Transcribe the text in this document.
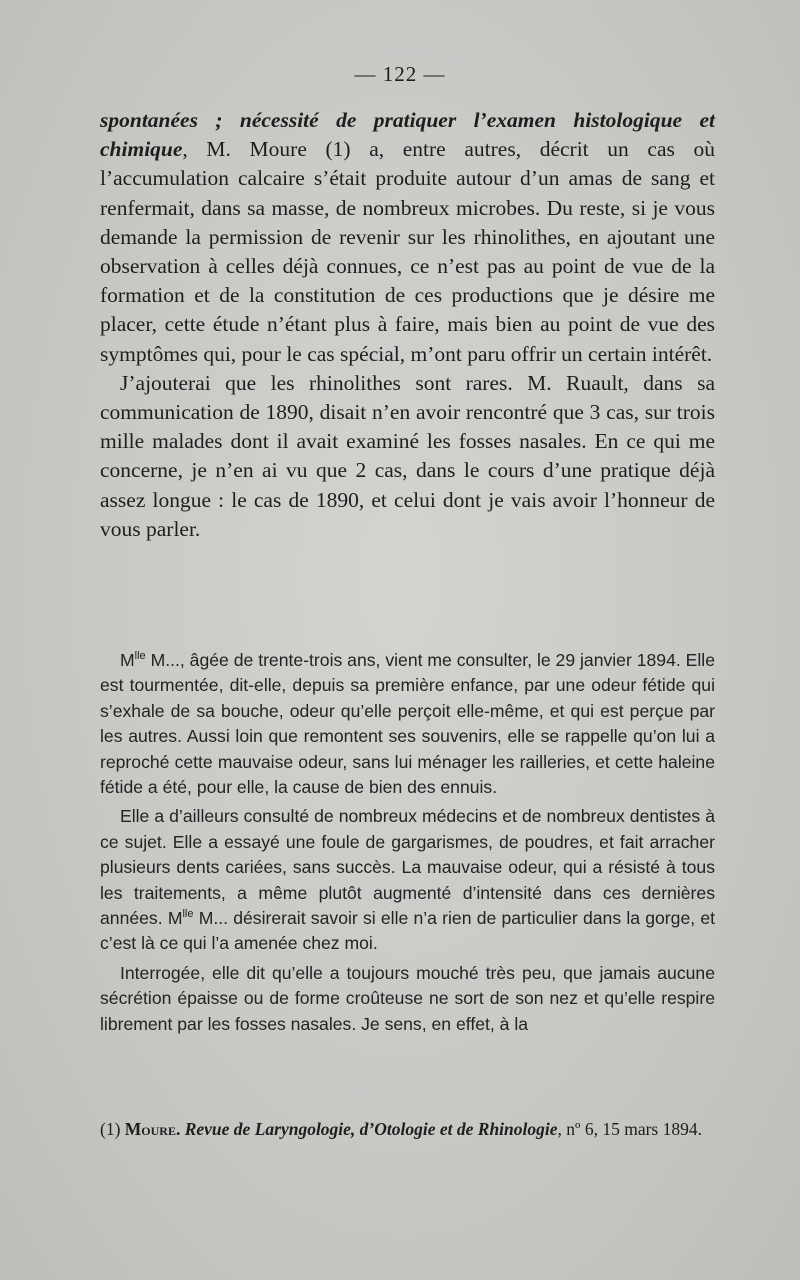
— 122 —

spontanées ; nécessité de pratiquer l’examen histologique et chimique, M. Moure (1) a, entre autres, décrit un cas où l’accumulation calcaire s’était produite autour d’un amas de sang et renfermait, dans sa masse, de nombreux microbes. Du reste, si je vous demande la permission de revenir sur les rhinolithes, en ajoutant une observation à celles déjà connues, ce n’est pas au point de vue de la formation et de la constitution de ces productions que je désire me placer, cette étude n’étant plus à faire, mais bien au point de vue des symptômes qui, pour le cas spécial, m’ont paru offrir un certain intérêt.

J’ajouterai que les rhinolithes sont rares. M. Ruault, dans sa communication de 1890, disait n’en avoir rencontré que 3 cas, sur trois mille malades dont il avait examiné les fosses nasales. En ce qui me concerne, je n’en ai vu que 2 cas, dans le cours d’une pratique déjà assez longue : le cas de 1890, et celui dont je vais avoir l’honneur de vous parler.

$M^{lle}$ M..., âgée de trente-trois ans, vient me consulter, le 29 janvier 1894. Elle est tourmentée, dit-elle, depuis sa première enfance, par une odeur fétide qui s’exhale de sa bouche, odeur qu’elle perçoit elle-même, et qui est perçue par les autres. Aussi loin que remontent ses souvenirs, elle se rappelle qu’on lui a reproché cette mauvaise odeur, sans lui ménager les railleries, et cette haleine fétide a été, pour elle, la cause de bien des ennuis.

Elle a d’ailleurs consulté de nombreux médecins et de nombreux dentistes à ce sujet. Elle a essayé une foule de gargarismes, de poudres, et fait arracher plusieurs dents cariées, sans succès. La mauvaise odeur, qui a résisté à tous les traitements, a même plutôt augmenté d’intensité dans ces dernières années. $M^{lle}$ M... désirerait savoir si elle n’a rien de particulier dans la gorge, et c’est là ce qui l’a amenée chez moi.

Interrogée, elle dit qu’elle a toujours mouché très peu, que jamais aucune sécrétion épaisse ou de forme croûteuse ne sort de son nez et qu’elle respire librement par les fosses nasales. Je sens, en effet, à la

(1) Moure. Revue de Laryngologie, d’Otologie et de Rhinologie, nº 6, 15 mars 1894.
